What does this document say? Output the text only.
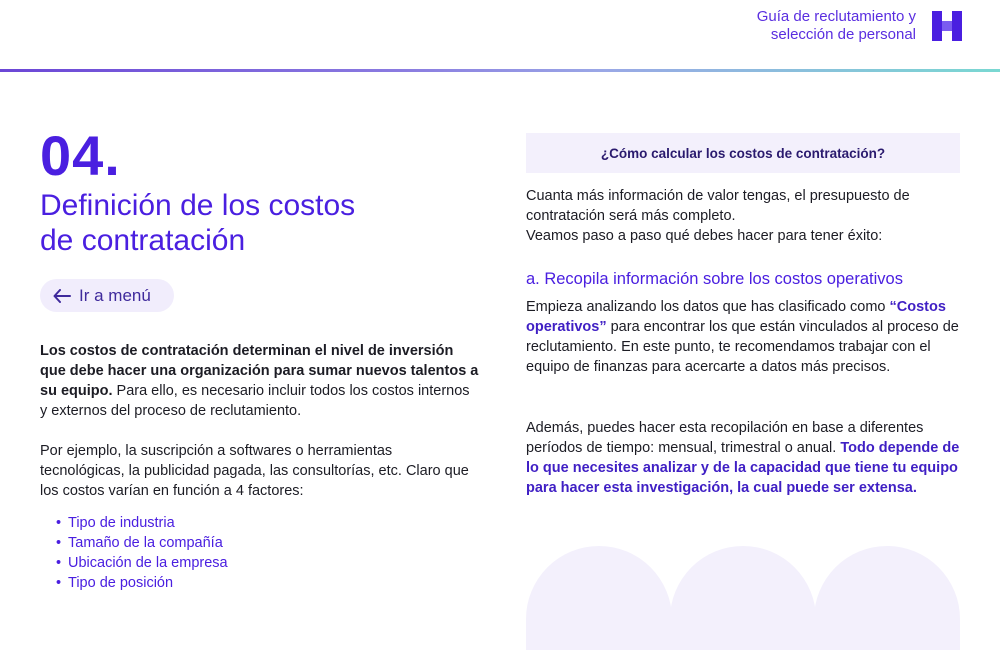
Guía de reclutamiento y
selección de personal
04.
Definición de los costos
de contratación
Ir a menú
Los costos de contratación determinan el nivel de inversión que debe hacer una organización para sumar nuevos talentos a su equipo. Para ello, es necesario incluir todos los costos internos y externos del proceso de reclutamiento.
Por ejemplo, la suscripción a softwares o herramientas tecnológicas, la publicidad pagada, las consultorías, etc. Claro que los costos varían en función a 4 factores:
• Tipo de industria
• Tamaño de la compañía
• Ubicación de la empresa
• Tipo de posición
¿Cómo calcular los costos de contratación?
Cuanta más información de valor tengas, el presupuesto de contratación será más completo.
Veamos paso a paso qué debes hacer para tener éxito:
a. Recopila información sobre los costos operativos
Empieza analizando los datos que has clasificado como “Costos operativos” para encontrar los que están vinculados al proceso de reclutamiento. En este punto, te recomendamos trabajar con el equipo de finanzas para acercarte a datos más precisos.
Además, puedes hacer esta recopilación en base a diferentes períodos de tiempo: mensual, trimestral o anual. Todo depende de lo que necesites analizar y de la capacidad que tiene tu equipo para hacer esta investigación, la cual puede ser extensa.
